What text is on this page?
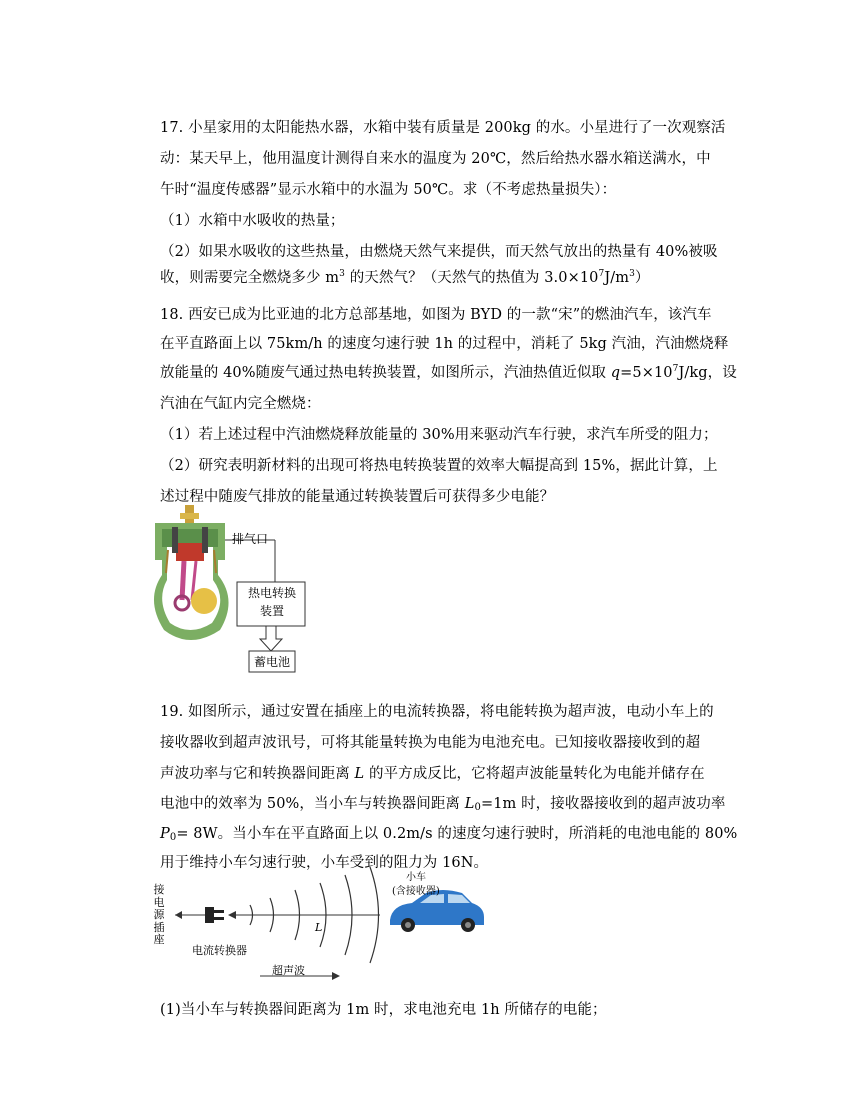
17. 小星家用的太阳能热水器，水箱中装有质量是 200kg 的水。小星进行了一次观察活
动：某天早上，他用温度计测得自来水的温度为 20℃，然后给热水器水箱送满水，中
午时“温度传感器”显示水箱中的水温为 50℃。求（不考虑热量损失）：
（1）水箱中水吸收的热量；
（2）如果水吸收的这些热量，由燃烧天然气来提供，而天然气放出的热量有 40%被吸
收，则需要完全燃烧多少 $m^3$ 的天然气？（天然气的热值为 $3.0\times 10^7J/m^3$）
18. 西安已成为比亚迪的北方总部基地，如图为 BYD 的一款“宋”的燃油汽车，该汽车
在平直路面上以 75km/h 的速度匀速行驶 1h 的过程中，消耗了 5kg 汽油，汽油燃烧释
放能量的 40%随废气通过热电转换装置，如图所示，汽油热值近似取 $q=5\times 10^7J/kg$，设
汽油在气缸内完全燃烧：
（1）若上述过程中汽油燃烧释放能量的 30%用来驱动汽车行驶，求汽车所受的阻力；
（2）研究表明新材料的出现可将热电转换装置的效率大幅提高到 15%，据此计算，上
述过程中随废气排放的能量通过转换装置后可获得多少电能？
排气口
热电转换
装置
蓄电池
19. 如图所示，通过安置在插座上的电流转换器，将电能转换为超声波，电动小车上的
接收器收到超声波讯号，可将其能量转换为电能为电池充电。已知接收器接收到的超
声波功率与它和转换器间距离 L 的平方成反比，它将超声波能量转化为电能并储存在
电池中的效率为 50%，当小车与转换器间距离 $L_0=1m$ 时，接收器接收到的超声波功率
$P_0= 8W$。当小车在平直路面上以 0.2m/s 的速度匀速行驶时，所消耗的电池电能的 80%
用于维持小车匀速行驶，小车受到的阻力为 16N。
接
电
源
插
座
电流转换器
L
小车
(含接收器)
超声波
(1)当小车与转换器间距离为 1m 时，求电池充电 1h 所储存的电能；
